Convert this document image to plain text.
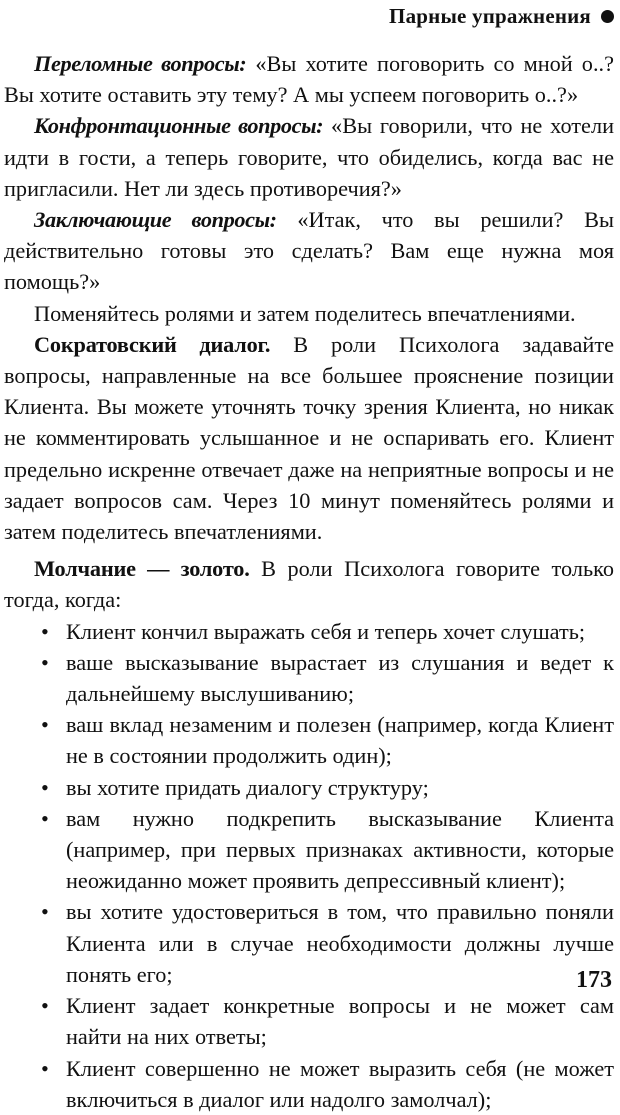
Парные упражнения

Переломные вопросы: «Вы хотите поговорить со мной о..? Вы хотите оставить эту тему? А мы успеем поговорить о..?»

Конфронтационные вопросы: «Вы говорили, что не хотели идти в гости, а теперь говорите, что обиделись, когда вас не пригласили. Нет ли здесь противоречия?»

Заключающие вопросы: «Итак, что вы решили? Вы действительно готовы это сделать? Вам еще нужна моя помощь?»

Поменяйтесь ролями и затем поделитесь впечатлениями.

Сократовский диалог. В роли Психолога задавайте вопросы, направленные на все большее прояснение позиции Клиента. Вы можете уточнять точку зрения Клиента, но никак не комментировать услышанное и не оспаривать его. Клиент предельно искренне отвечает даже на неприятные вопросы и не задает вопросов сам. Через 10 минут поменяйтесь ролями и затем поделитесь впечатлениями.

Молчание — золото. В роли Психолога говорите только тогда, когда:

• Клиент кончил выражать себя и теперь хочет слушать;
• ваше высказывание вырастает из слушания и ведет к дальнейшему выслушиванию;
• ваш вклад незаменим и полезен (например, когда Клиент не в состоянии продолжить один);
• вы хотите придать диалогу структуру;
• вам нужно подкрепить высказывание Клиента (например, при первых признаках активности, которые неожиданно может проявить депрессивный клиент);
• вы хотите удостовериться в том, что правильно поняли Клиента или в случае необходимости должны лучше понять его;
• Клиент задает конкретные вопросы и не может сам найти на них ответы;
• Клиент совершенно не может выразить себя (не может включиться в диалог или надолго замолчал);
173
